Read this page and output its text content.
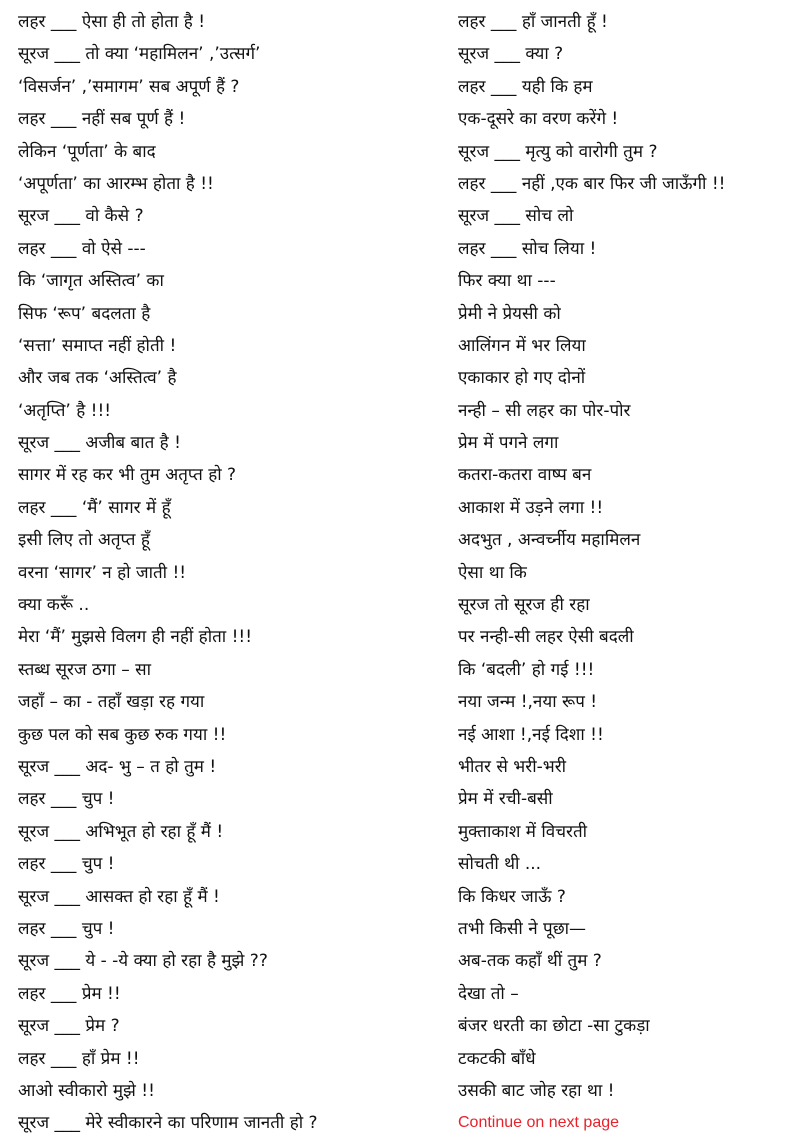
लहर ___ ऐसा ही तो होता है !
सूरज ___ तो क्या ‘महामिलन’ ,’उत्सर्ग’
‘विसर्जन’ ,’समागम’ सब अपूर्ण हैं ?
लहर ___ नहीं सब पूर्ण हैं !
लेकिन ‘पूर्णता’ के बाद
‘अपूर्णता’ का आरम्भ होता है !!
सूरज ___ वो कैसे ?
लहर ___ वो ऐसे ---
कि ‘जागृत अस्तित्व’ का
सिफ ‘रूप’ बदलता है
‘सत्ता’ समाप्त नहीं होती !
और जब तक ‘अस्तित्व’ है
‘अतृप्ति’ है !!!
सूरज ___ अजीब बात है !
सागर में रह कर भी तुम अतृप्त हो ?
लहर ___ ‘मैं’ सागर में हूँ
इसी लिए तो अतृप्त हूँ
वरना ‘सागर’ न हो जाती !!
क्या करूँ ..
मेरा ‘मैं’ मुझसे विलग ही नहीं होता !!!
स्तब्ध सूरज ठगा – सा
जहाँ – का - तहाँ खड़ा रह गया
कुछ पल को सब कुछ रुक गया !!
सूरज ___ अद- भु – त हो तुम !
लहर ___ चुप !
सूरज ___ अभिभूत हो रहा हूँ मैं !
लहर ___ चुप !
सूरज ___ आसक्त हो रहा हूँ मैं !
लहर ___ चुप !
सूरज ___ ये - -ये क्या हो रहा है मुझे ??
लहर ___ प्रेम !!
सूरज ___ प्रेम ?
लहर ___ हाँ प्रेम !!
आओ स्वीकारो मुझे !!
सूरज ___ मेरे स्वीकारने का परिणाम जानती हो ?
लहर ___ हाँ जानती हूँ !
सूरज ___ क्या ?
लहर ___ यही कि हम
एक-दूसरे का वरण करेंगे !
सूरज ___ मृत्यु को वारोगी तुम ?
लहर ___ नहीं ,एक बार फिर जी जाऊँगी !!
सूरज ___ सोच लो
लहर ___ सोच लिया !
फिर क्या था ---
प्रेमी ने प्रेयसी को
आलिंगन में भर लिया
एकाकार हो गए दोनों
नन्ही – सी लहर का पोर-पोर
प्रेम में पगने लगा
कतरा-कतरा वाष्प बन
आकाश में उड़ने लगा !!
अदभुत , अन्वर्च्नीय महामिलन
ऐसा था कि
सूरज तो सूरज ही रहा
पर नन्ही-सी लहर ऐसी बदली
कि ‘बदली’ हो गई !!!
नया जन्म !,नया रूप !
नई आशा !,नई दिशा !!
भीतर से भरी-भरी
प्रेम में रची-बसी
मुक्ताकाश में विचरती
सोचती थी ...
कि किधर जाऊँ ?
तभी किसी ने पूछा—
अब-तक कहाँ थीं तुम ?
देखा तो –
बंजर धरती का छोटा -सा टुकड़ा
टकटकी बाँधे
उसकी बाट जोह रहा था !
Continue on next page
